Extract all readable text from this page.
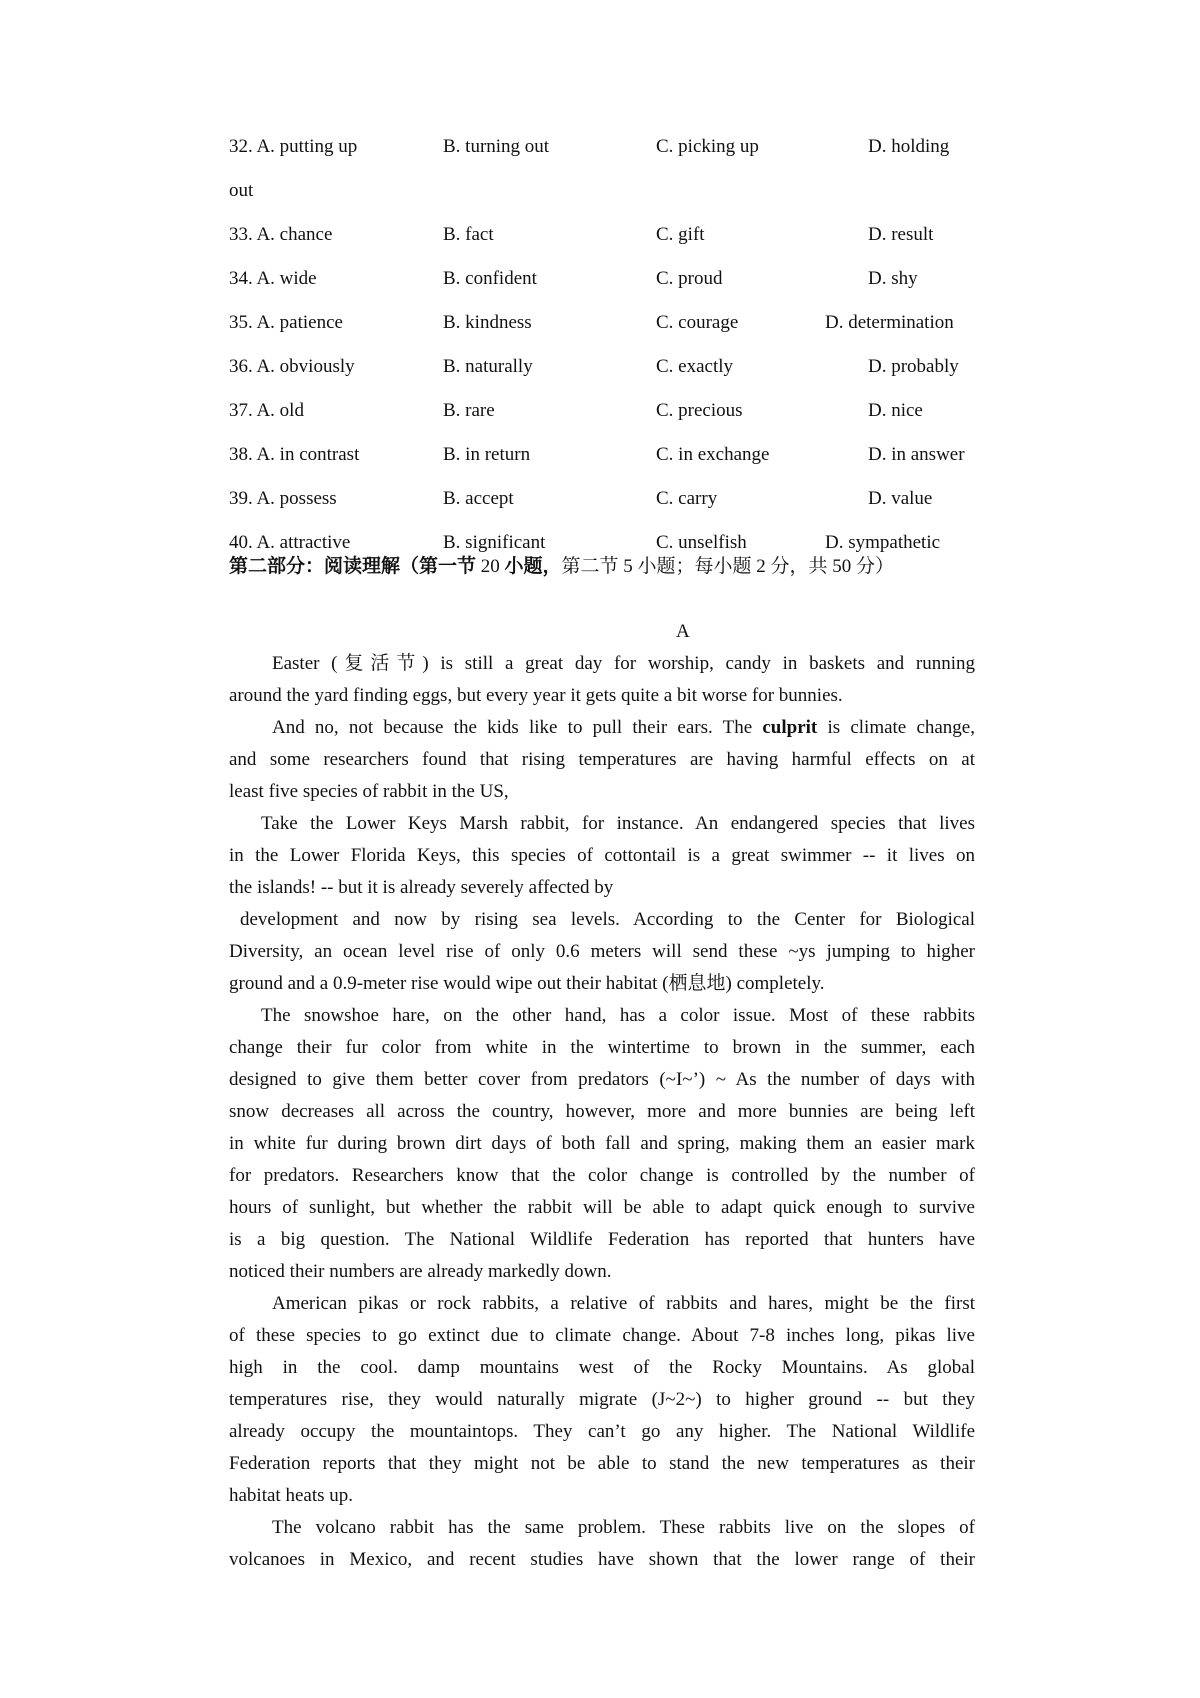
32. A. putting up	B. turning out	C. picking up	D. holding
out
33. A. chance	B. fact	C. gift	D. result
34. A. wide	B. confident	C. proud	D. shy
35. A. patience	B. kindness	C. courage	D. determination
36. A. obviously	B. naturally	C. exactly	D. probably
37. A. old	B. rare	C. precious	D. nice
38. A. in contrast	B. in return	C. in exchange	D. in answer
39. A. possess	B. accept	C. carry	D. value
40. A. attractive	B. significant	C. unselfish	D. sympathetic
第二部分：阅读理解（第一节 20 小题，第二节 5 小题；每小题 2 分，共 50 分）
A
Easter (复活节) is still a great day for worship, candy in baskets and running
around the yard finding eggs, but every year it gets quite a bit worse for bunnies.
And no, not because the kids like to pull their ears. The culprit is climate change,
and some researchers found that rising temperatures are having harmful effects on at
least five species of rabbit in the US,
Take the Lower Keys Marsh rabbit, for instance. An endangered species that lives
in the Lower Florida Keys, this species of cottontail is a great swimmer -- it lives on
the islands! -- but it is already severely affected by
development and now by rising sea levels. According to the Center for Biological
Diversity, an ocean level rise of only 0.6 meters will send these ~ys jumping to higher
ground and a 0.9-meter rise would wipe out their habitat (栖息地) completely.
The snowshoe hare, on the other hand, has a color issue. Most of these rabbits
change their fur color from white in the wintertime to brown in the summer, each
designed to give them better cover from predators (~I~’) ~ As the number of days with
snow decreases all across the country, however, more and more bunnies are being left
in white fur during brown dirt days of both fall and spring, making them an easier mark
for predators. Researchers know that the color change is controlled by the number of
hours of sunlight, but whether the rabbit will be able to adapt quick enough to survive
is a big question. The National Wildlife Federation has reported that hunters have
noticed their numbers are already markedly down.
American pikas or rock rabbits, a relative of rabbits and hares, might be the first
of these species to go extinct due to climate change. About 7-8 inches long, pikas live
high in the cool. damp mountains west of the Rocky Mountains. As global
temperatures rise, they would naturally migrate (J~2~) to higher ground -- but they
already occupy the mountaintops. They can’t go any higher. The National Wildlife
Federation reports that they might not be able to stand the new temperatures as their
habitat heats up.
The volcano rabbit has the same problem. These rabbits live on the slopes of
volcanoes in Mexico, and recent studies have shown that the lower range of their
